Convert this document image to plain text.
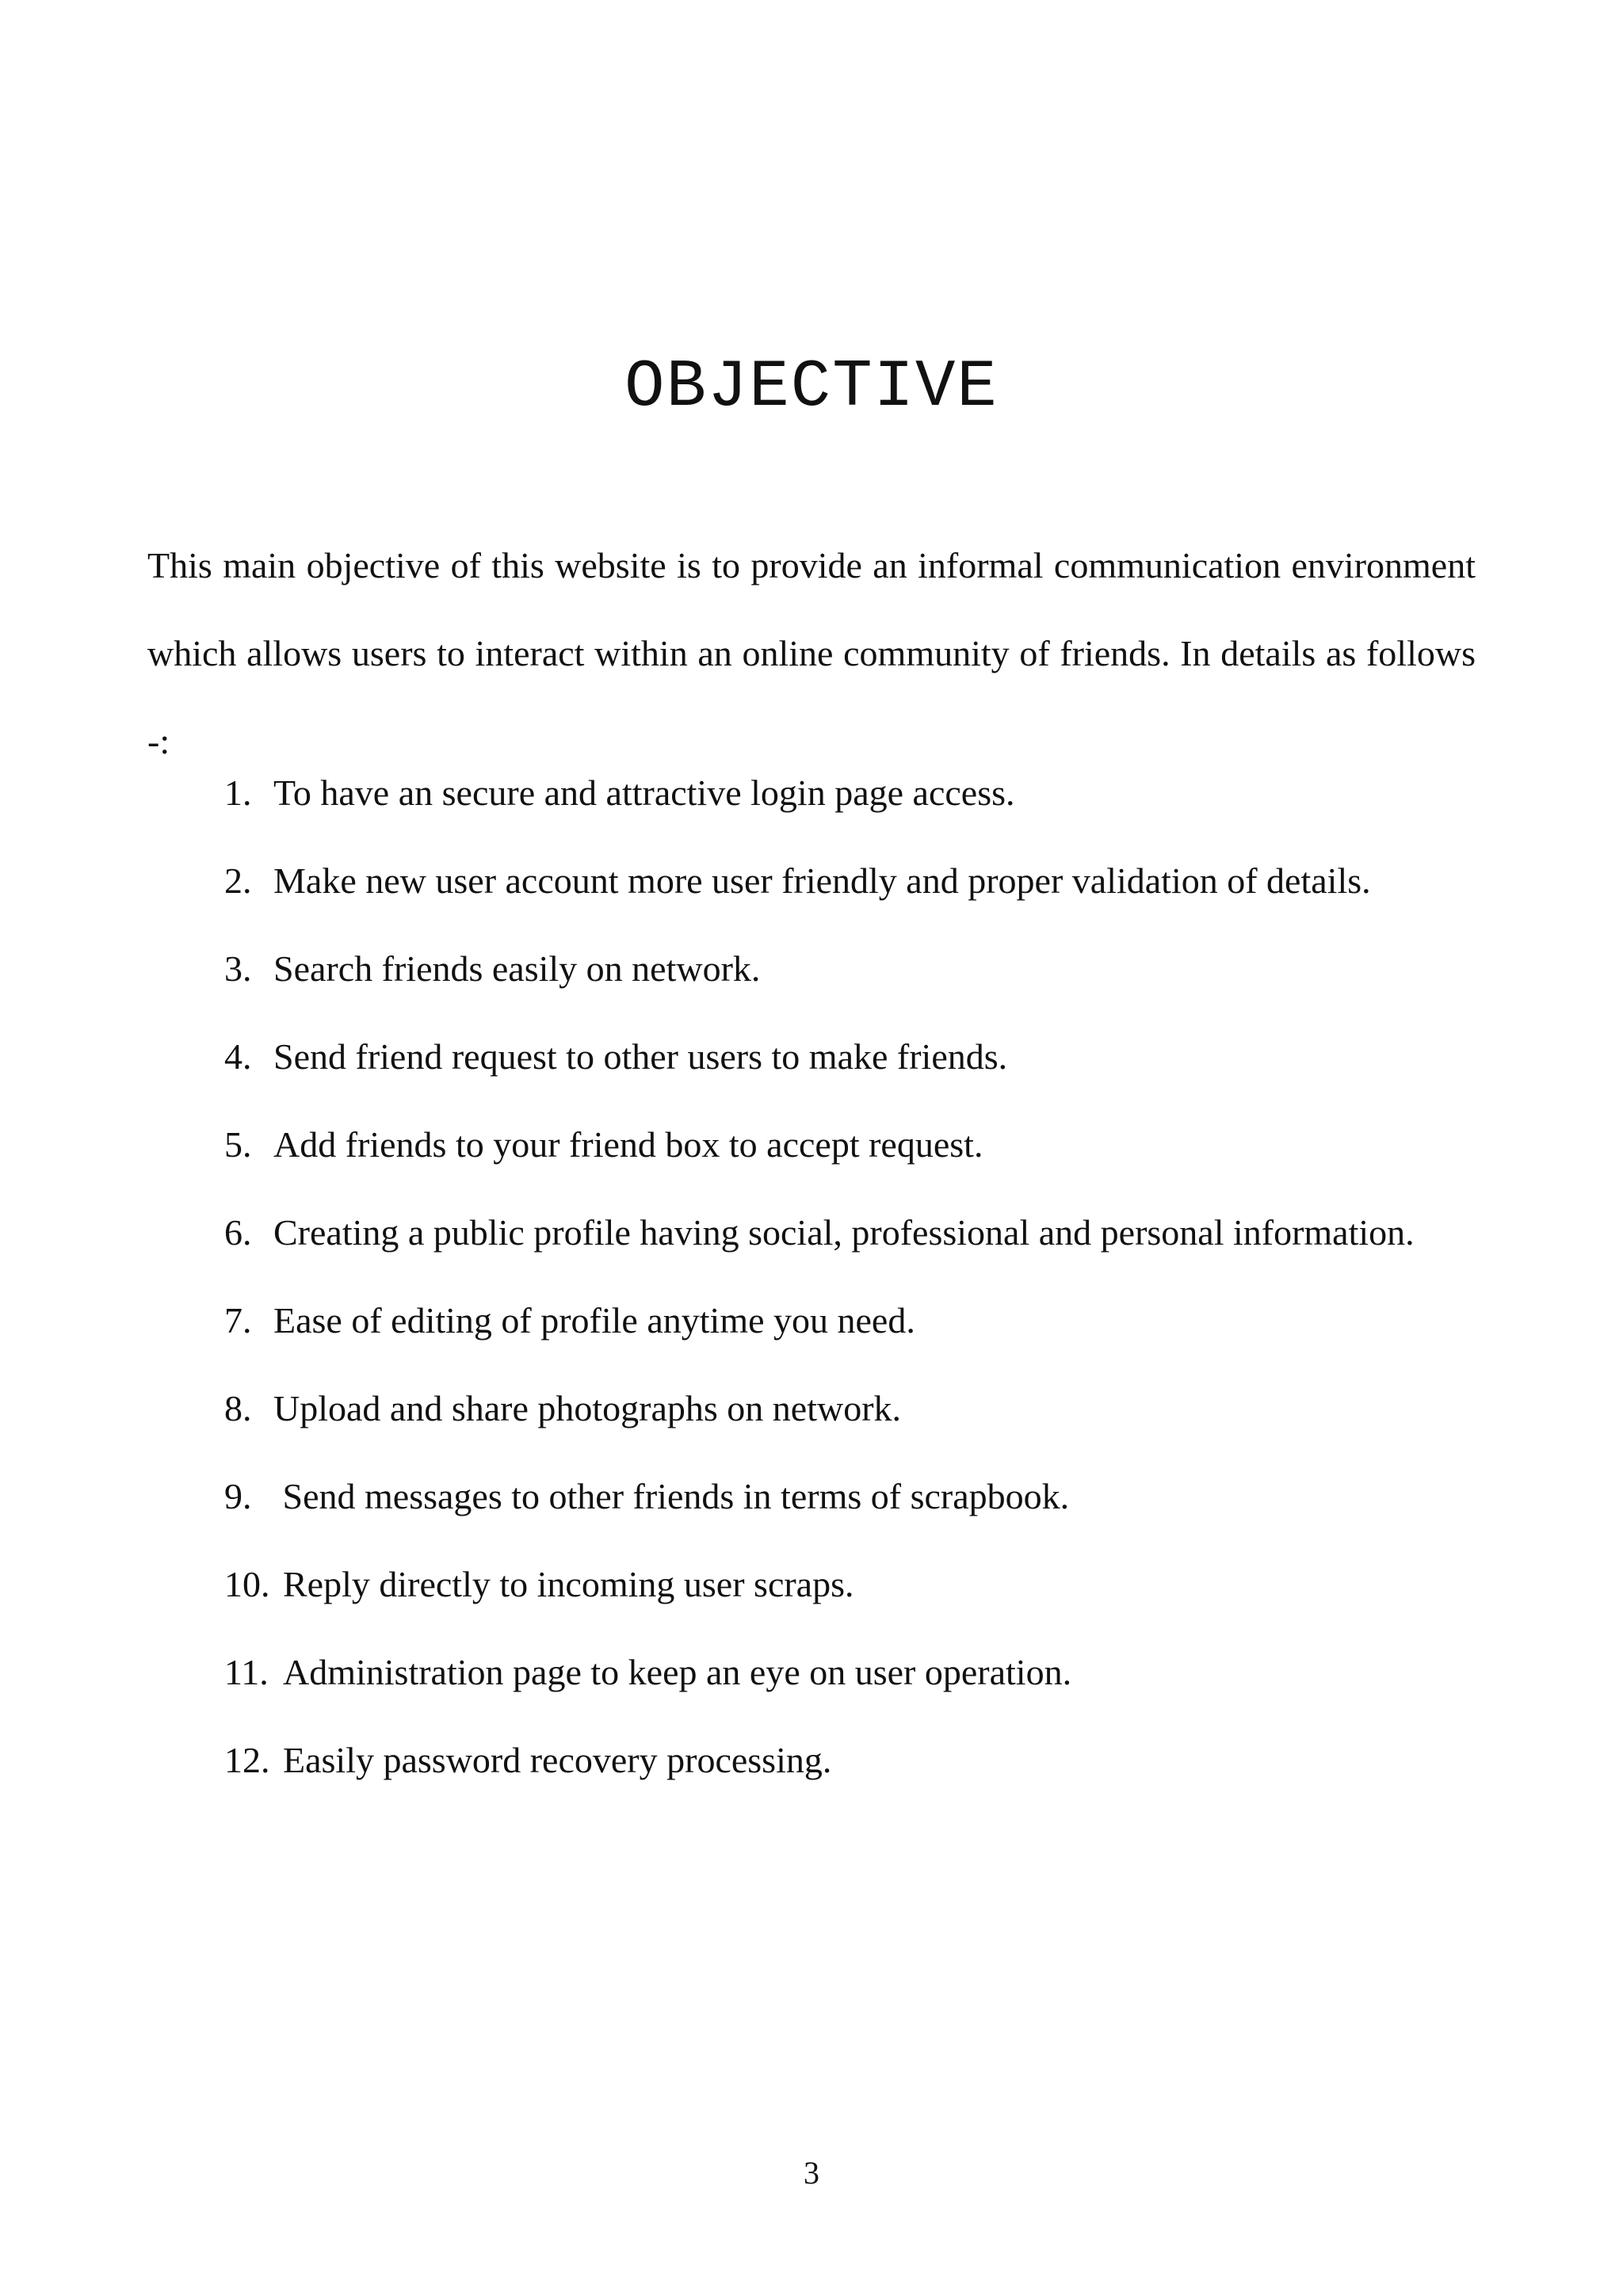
OBJECTIVE

This main objective of this website is to provide an informal communication environment which allows users to interact within an online community of friends. In details as follows -:

1. To have an secure and attractive login page access.
2. Make new user account more user friendly and proper validation of details.
3. Search friends easily on network.
4. Send friend request to other users to make friends.
5. Add friends to your friend box to accept request.
6. Creating a public profile having social, professional and personal information.
7. Ease of editing of profile anytime you need.
8. Upload and share photographs on network.
9. Send messages to other friends in terms of scrapbook.
10. Reply directly to incoming user scraps.
11. Administration page to keep an eye on user operation.
12. Easily password recovery processing.
3
